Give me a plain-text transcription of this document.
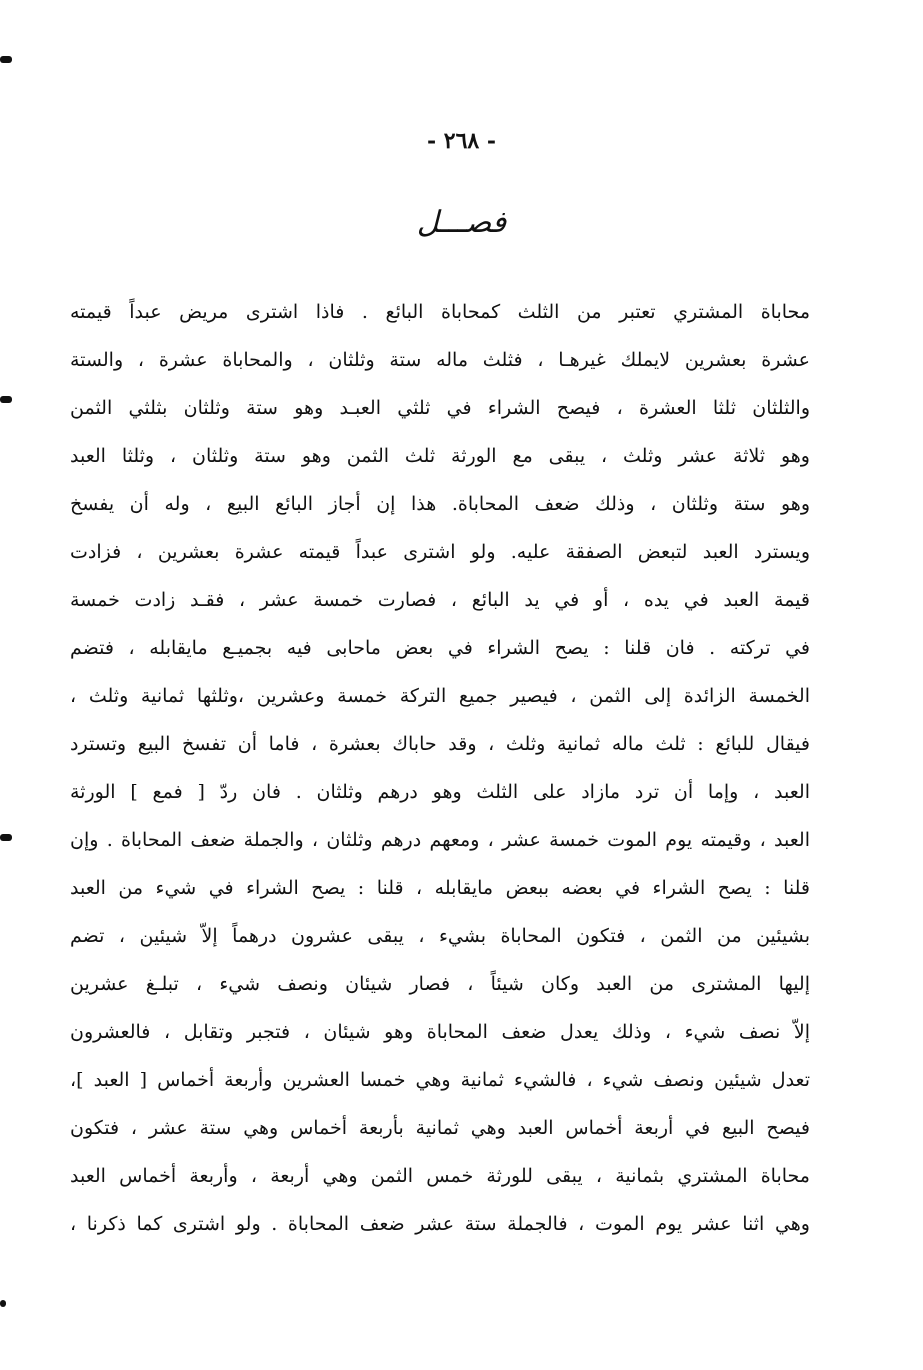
- ٢٦٨ -
فصـــل
محاباة المشتري تعتبر من الثلث كمحاباة البائع . فاذا اشترى مريض عبداً قيمته
عشرة بعشرين لايملك غيرهـا ، فثلث ماله ستة وثلثان ، والمحاباة عشرة ، والستة
والثلثان ثلثا العشرة ، فيصح الشراء في ثلثي العبـد وهو ستة وثلثان بثلثي الثمن
وهو ثلاثة عشر وثلث ، يبقى مع الورثة ثلث الثمن وهو ستة وثلثان ، وثلثا العبد
وهو ستة وثلثان ، وذلك ضعف المحاباة. هذا إن أجاز البائع البيع ، وله أن يفسخ
ويسترد العبد لتبعض الصفقة عليه. ولو اشترى عبداً قيمته عشرة بعشرين ، فزادت
قيمة العبد في يده ، أو في يد البائع ، فصارت خمسة عشر ، فقـد زادت خمسة
في تركته . فان قلنا : يصح الشراء في بعض ماحابى فيه بجميـع مايقابله ، فتضم
الخمسة الزائدة إلى الثمن ، فيصير جميع التركة خمسة وعشرين ،وثلثها ثمانية وثلث ،
فيقال للبائع : ثلث ماله ثمانية وثلث ، وقد حاباك بعشرة ، فاما أن تفسخ البيع وتسترد
العبد ، وإما أن ترد مازاد على الثلث وهو درهم وثلثان . فان ردّ [ فمع ] الورثة
العبد ، وقيمته يوم الموت خمسة عشر ، ومعهم درهم وثلثان ، والجملة ضعف المحاباة . وإن
قلنا : يصح الشراء في بعضه ببعض مايقابله ، قلنا : يصح الشراء في شيء من العبد
بشيئين من الثمن ، فتكون المحاباة بشيء ، يبقى عشرون درهماً إلاّ شيئين ، تضم
إليها المشترى من العبد وكان شيئاً ، فصار شيئان ونصف شيء ، تبلـغ عشرين
إلاّ نصف شيء ، وذلك يعدل ضعف المحاباة وهو شيئان ، فتجبر وتقابل ، فالعشرون
تعدل شيئين ونصف شيء ، فالشيء ثمانية وهي خمسا العشرين وأربعة أخماس [ العبد ]،
فيصح البيع في أربعة أخماس العبد وهي ثمانية بأربعة أخماس وهي ستة عشر ، فتكون
محاباة المشتري بثمانية ، يبقى للورثة خمس الثمن وهي أربعة ، وأربعة أخماس العبد
وهي اثنا عشر يوم الموت ، فالجملة ستة عشر ضعف المحاباة . ولو اشترى كما ذكرنا ،
